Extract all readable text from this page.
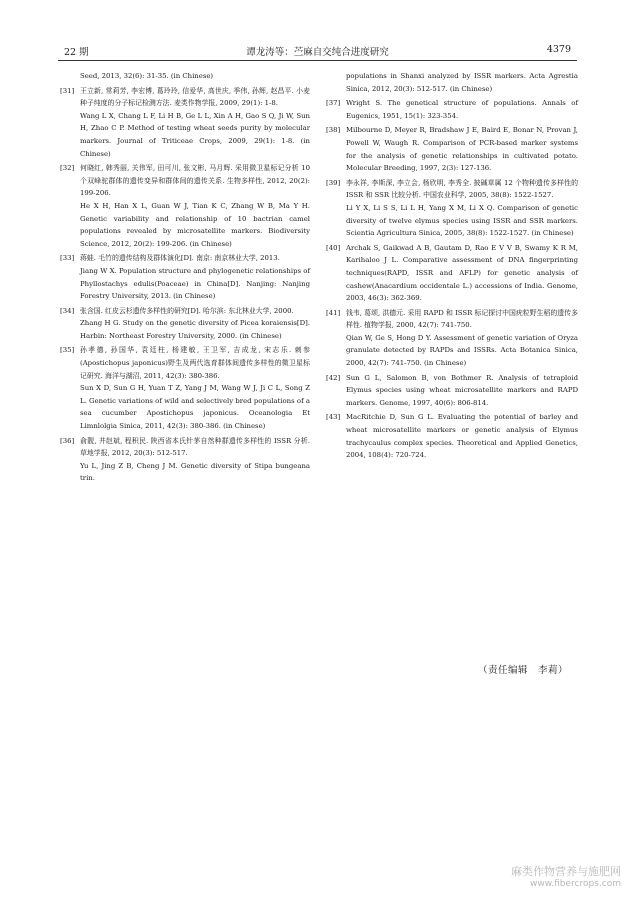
22 期	谭龙涛等：苎麻自交纯合进度研究	4379

Seed, 2013, 32(6): 31-35. (in Chinese)

[31] 王立新, 常莉芳, 李宏博, 葛玲玲, 信爱华, 高世庆, 季伟, 孙辉, 赵昌平. 小麦种子纯度的分子标记检测方法. 麦类作物学报, 2009, 29(1): 1-8.

Wang L X, Chang L F, Li H B, Ge L L, Xin A H, Gao S Q, Ji W, Sun H, Zhao C P. Method of testing wheat seeds purity by molecular markers. Journal of Triticeae Crops, 2009, 29(1): 1-8. (in Chinese)

[32] 何晓红, 韩秀丽, 关伟军, 田可川, 张文彬, 马月辉. 采用微卫星标记分析 10 个双峰驼群体的遗传变异和群体间的遗传关系. 生物多样性, 2012, 20(2): 199-206.

He X H, Han X L, Guan W J, Tian K C, Zhang W B, Ma Y H. Genetic variability and relationship of 10 bactrian camel populations revealed by microsatellite markers. Biodiversity Science, 2012, 20(2): 199-206. (in Chinese)

[33] 蒋蛙. 毛竹的遗传结构及群体演化[D]. 南京: 南京林业大学, 2013.

Jiang W X. Population structure and phylogenetic relationships of Phyllostachys edulis(Poaceae) in China[D]. Nanjing: Nanjing Forestry University, 2013. (in Chinese)

[34] 张含国. 红皮云杉遗传多样性的研究[D]. 哈尔滨: 东北林业大学, 2000.

Zhang H G. Study on the genetic diversity of Picea koraiensis[D]. Harbin: Northeast Forestry University, 2000. (in Chinese)

[35] 孙孝德, 孙国华, 袁廷柱, 杨建敏, 王卫军, 吉成龙, 宋志乐. 刺参(Apostichopus japonicus)野生及两代选育群体间遗传多样性的微卫星标记研究. 海洋与湖沼, 2011, 42(3): 380-386.

Sun X D, Sun G H, Yuan T Z, Yang J M, Wang W J, Ji C L, Song Z L. Genetic variations of wild and selectively bred populations of a sea cucumber Apostichopus japonicus. Oceanologia Et Limnlolgia Sinica, 2011, 42(3): 380-386. (in Chinese)

[36] 俞靓, 井赵斌, 程积民. 陕西省本氏针茅自然种群遗传多样性的 ISSR 分析. 草地学报, 2012, 20(3): 512-517.

Yu L, Jing Z B, Cheng J M. Genetic diversity of Stipa bungeana trin.

populations in Shanxi analyzed by ISSR markers. Acta Agrestia Sinica, 2012, 20(3): 512-517. (in Chinese)

[37] Wright S. The genetical structure of populations. Annals of Eugenics, 1951, 15(1): 323-354.

[38] Milbourne D, Meyer R, Bradshaw J E, Baird E, Bonar N, Provan J, Powell W, Waugh R. Comparison of PCR-based marker systems for the analysis of genetic relationships in cultivated potato. Molecular Breeding, 1997, 2(3): 127-136.

[39] 李永祥, 李斯深, 李立会, 杨欣明, 李秀全. 披碱草属 12 个物种遗传多样性的 ISSR 和 SSR 比较分析. 中国农业科学, 2005, 38(8): 1522-1527.

Li Y X, Li S S, Li L H, Yang X M, Li X Q. Comparison of genetic diversity of twelve elymus species using ISSR and SSR markers. Scientia Agricultura Sinica, 2005, 38(8): 1522-1527. (in Chinese)

[40] Archak S, Gaikwad A B, Gautam D, Rao E V V B, Swamy K R M, Karihaloo J L. Comparative assessment of DNA fingerprinting techniques(RAPD, ISSR and AFLP) for genetic analysis of cashew(Anacardium occidentale L.) accessions of India. Genome, 2003, 46(3): 362-369.

[41] 钱韦, 葛颂, 洪德元. 采用 RAPD 和 ISSR 标记探讨中国疣粒野生稻的遗传多样性. 植物学报, 2000, 42(7): 741-750.

Qian W, Ge S, Hong D Y. Assessment of genetic variation of Oryza granulate detected by RAPDs and ISSRs. Acta Botanica Sinica, 2000, 42(7): 741-750. (in Chinese)

[42] Sun G L, Salomon B, von Bothmer R. Analysis of tetraploid Elymus species using wheat microsatellite markers and RAPD markers. Genome, 1997, 40(6): 806-814.

[43] MacRitchie D, Sun G L. Evaluating the potential of barley and wheat microsatellite markers or genetic analysis of Elymus trachycaulus complex species. Theoretical and Applied Genetics, 2004, 108(4): 720-724.

（责任编辑　李莉）
麻类作物营养与施肥网
www.fibercrops.com
